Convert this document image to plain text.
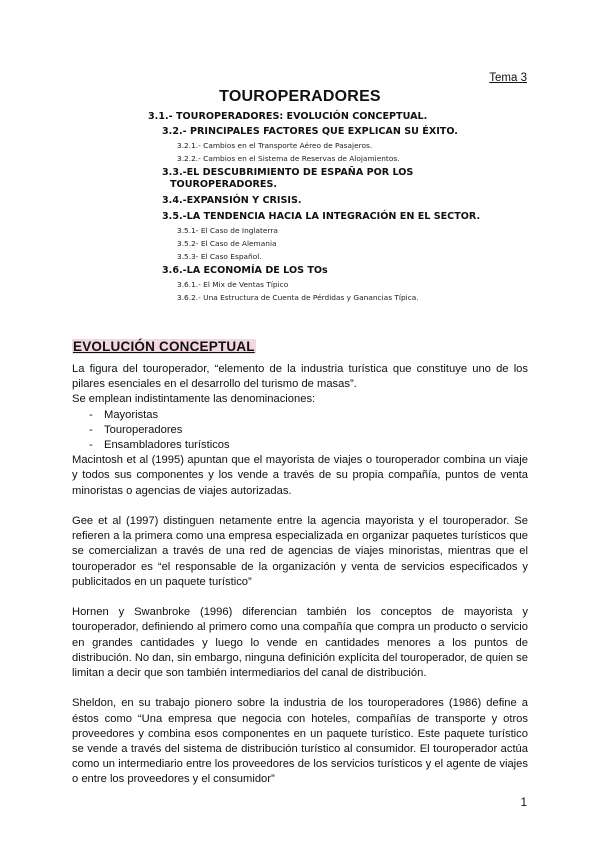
Tema 3
TOUROPERADORES
3.1.- TOUROPERADORES: EVOLUCIÓN CONCEPTUAL.
3.2.- PRINCIPALES FACTORES QUE EXPLICAN SU ÉXITO.
3.2.1.- Cambios en el Transporte Aéreo de Pasajeros.
3.2.2.- Cambios en el Sistema de Reservas de Alojamientos.
3.3.-EL DESCUBRIMIENTO DE ESPAÑA POR LOS
TOUROPERADORES.
3.4.-EXPANSIÓN Y CRISIS.
3.5.-LA TENDENCIA HACIA LA INTEGRACIÓN EN EL SECTOR.
3.5.1- El Caso de Inglaterra
3.5.2- El Caso de Alemania
3.5.3- El Caso Español.
3.6.-LA ECONOMÍA DE LOS TOs
3.6.1.- El Mix de Ventas Típico
3.6.2.- Una Estructura de Cuenta de Pérdidas y Ganancias Típica.
EVOLUCIÓN CONCEPTUAL

La figura del touroperador, “elemento de la industria turística que constituye uno de los pilares esenciales en el desarrollo del turismo de masas”.

Se emplean indistintamente las denominaciones:

- Mayoristas
- Touroperadores
- Ensambladores turísticos

Macintosh et al (1995) apuntan que el mayorista de viajes o touroperador combina un viaje y todos sus componentes y los vende a través de su propia compañía, puntos de venta minoristas o agencias de viajes autorizadas.

Gee et al (1997) distinguen netamente entre la agencia mayorista y el touroperador. Se refieren a la primera como una empresa especializada en organizar paquetes turísticos que se comercializan a través de una red de agencias de viajes minoristas, mientras que el touroperador es “el responsable de la organización y venta de servicios especificados y publicitados en un paquete turístico”

Hornen y Swanbroke (1996) diferencian también los conceptos de mayorista y touroperador, definiendo al primero como una compañía que compra un producto o servicio en grandes cantidades y luego lo vende en cantidades menores a los puntos de distribución. No dan, sin embargo, ninguna definición explícita del touroperador, de quien se limitan a decir que son también intermediarios del canal de distribución.

Sheldon, en su trabajo pionero sobre la industria de los touroperadores (1986) define a éstos como “Una empresa que negocia con hoteles, compañías de transporte y otros proveedores y combina esos componentes en un paquete turístico. Este paquete turístico se vende a través del sistema de distribución turístico al consumidor. El touroperador actúa como un intermediario entre los proveedores de los servicios turísticos y el agente de viajes o entre los proveedores y el consumidor”

1
